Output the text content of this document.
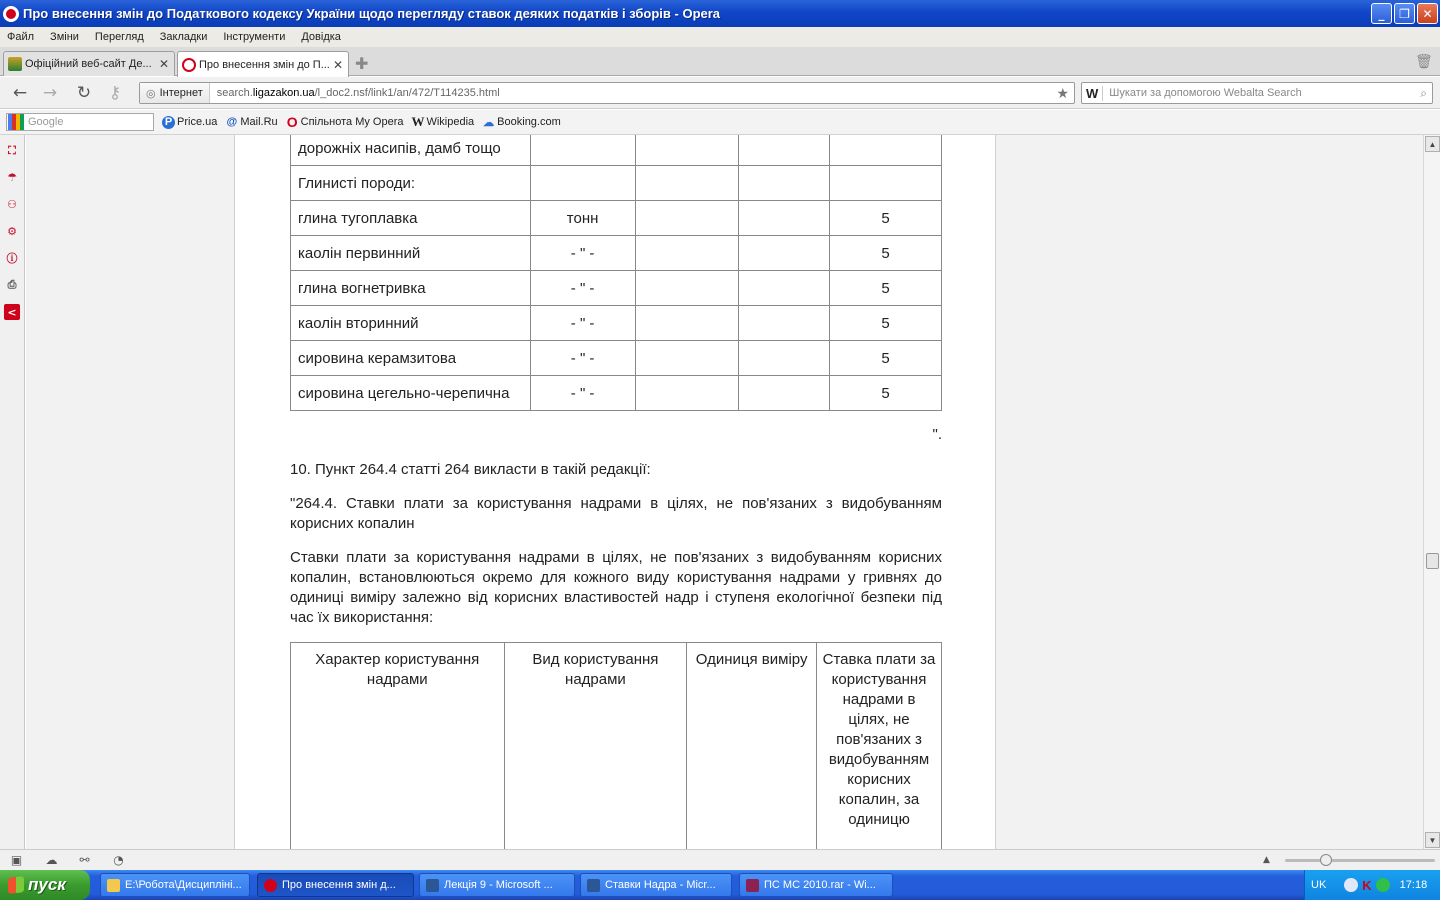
Про внесення змін до Податкового кодексу України щодо перегляду ставок деяких податків і зборів - Opera	_	❐	✕
Файл Зміни Перегляд Закладки Інструменти Довідка
Офіційний веб-сайт Де... ✕	Про внесення змін до П... ✕ ✚	🗑
← → ↻ ⚷	◎ Інтернет	search.ligazakon.ua/l_doc2.nsf/link1/an/472/T114235.html	★	W	Шукати за допомогою Webalta Search	⌕
Google	P Price.ua @ Mail.Ru O Спільнота My Opera W Wikipedia ☁ Booking.com
⛶
☂
⚇
⚙
ⓘ
⎙
<
дорожніх насипів, дамб тощо				
Глинисті породи:				
глина тугоплавка	тонн			5
каолін первинний	- " -			5
глина вогнетривка	- " -			5
каолін вторинний	- " -			5
сировина керамзитова	- " -			5
сировина цегельно-черепична	- " -			5
".
10. Пункт 264.4 статті 264 викласти в такій редакції:
"264.4. Ставки плати за користування надрами в цілях, не пов'язаних з видобуванням корисних копалин
Ставки плати за користування надрами в цілях, не пов'язаних з видобуванням корисних копалин, встановлюються окремо для кожного виду користування надрами у гривнях до одиниці виміру залежно від корисних властивостей надр і ступеня екологічної безпеки під час їх використання:
Характер користування надрами	Вид користування надрами	Одиниця виміру	Ставка плати за користування надрами в цілях, не пов'язаних з видобуванням корисних копалин, за одиницю
▲
▼
▣ ☁ ⚯ ◔	▲
пуск	E:\Робота\Дисципліні...	Про внесення змін д...	Лекція 9 - Microsoft ...	Ставки Надра - Micr...	ПС МС 2010.rar - Wi...	UK	K	17:18
